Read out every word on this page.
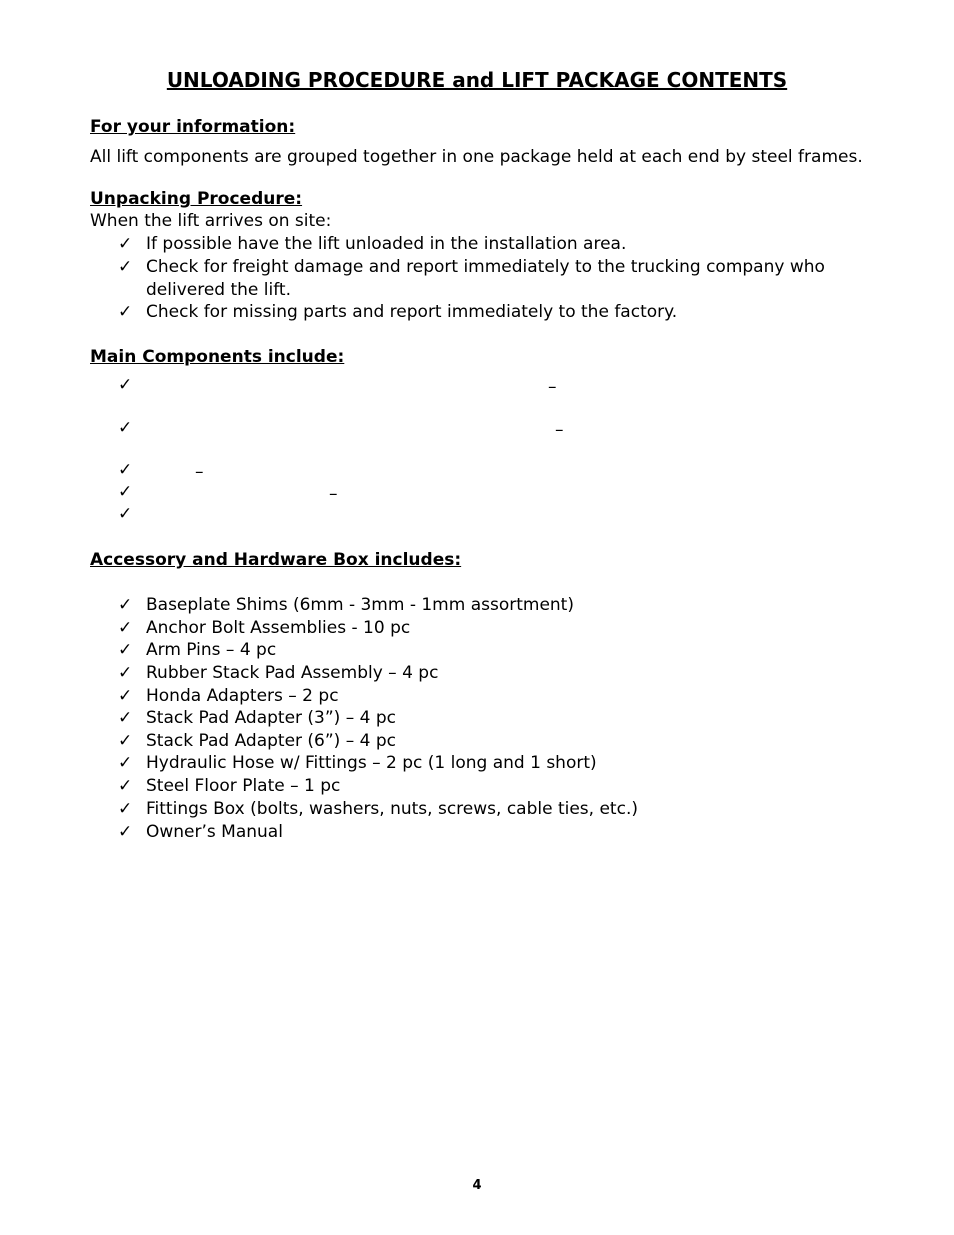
UNLOADING PROCEDURE and LIFT PACKAGE CONTENTS
For your information:
All lift components are grouped together in one package held at each end by steel frames.
Unpacking Procedure:
When the lift arrives on site:
✓ If possible have the lift unloaded in the installation area.
✓ Check for freight damage and report immediately to the trucking company who delivered the lift.
✓ Check for missing parts and report immediately to the factory.
Main Components include:
✓	–
✓	–
✓	–
✓	–
✓
Accessory and Hardware Box includes:
✓ Baseplate Shims (6mm - 3mm - 1mm assortment)
✓ Anchor Bolt Assemblies - 10 pc
✓ Arm Pins – 4 pc
✓ Rubber Stack Pad Assembly – 4 pc
✓ Honda Adapters – 2 pc
✓ Stack Pad Adapter (3”) – 4 pc
✓ Stack Pad Adapter (6”) – 4 pc
✓ Hydraulic Hose w/ Fittings – 2 pc (1 long and 1 short)
✓ Steel Floor Plate – 1 pc
✓ Fittings Box (bolts, washers, nuts, screws, cable ties, etc.)
✓ Owner’s Manual
4
